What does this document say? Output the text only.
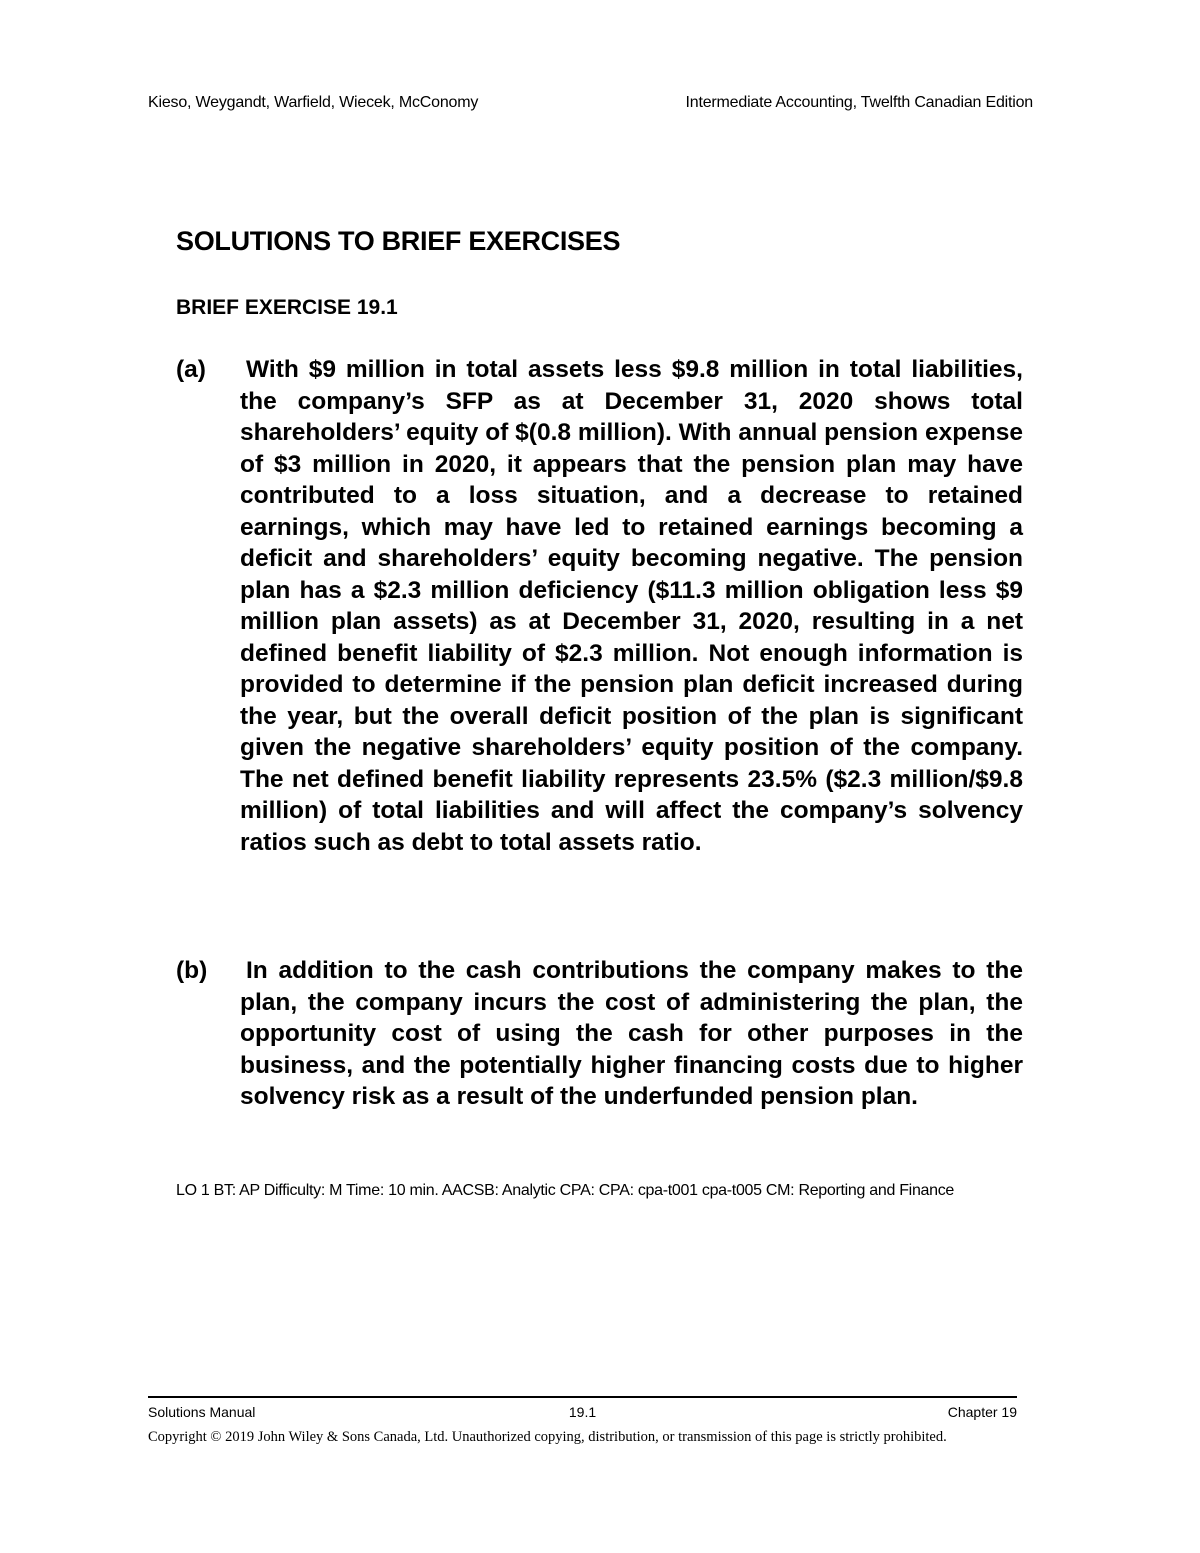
Kieso, Weygandt, Warfield, Wiecek, McConomy	Intermediate Accounting, Twelfth Canadian Edition
SOLUTIONS TO BRIEF EXERCISES
BRIEF EXERCISE 19.1
(a) With $9 million in total assets less $9.8 million in total liabilities, the company’s SFP as at December 31, 2020 shows total shareholders’ equity of $(0.8 million). With annual pension expense of $3 million in 2020, it appears that the pension plan may have contributed to a loss situation, and a decrease to retained earnings, which may have led to retained earnings becoming a deficit and shareholders’ equity becoming negative. The pension plan has a $2.3 million deficiency ($11.3 million obligation less $9 million plan assets) as at December 31, 2020, resulting in a net defined benefit liability of $2.3 million. Not enough information is provided to determine if the pension plan deficit increased during the year, but the overall deficit position of the plan is significant given the negative shareholders’ equity position of the company. The net defined benefit liability represents 23.5% ($2.3 million/$9.8 million) of total liabilities and will affect the company’s solvency ratios such as debt to total assets ratio.
(b) In addition to the cash contributions the company makes to the plan, the company incurs the cost of administering the plan, the opportunity cost of using the cash for other purposes in the business, and the potentially higher financing costs due to higher solvency risk as a result of the underfunded pension plan.
LO 1 BT: AP Difficulty: M Time: 10 min. AACSB: Analytic CPA: CPA: cpa-t001 cpa-t005 CM: Reporting and Finance
Solutions Manual	19.1	Chapter 19
Copyright © 2019 John Wiley & Sons Canada, Ltd. Unauthorized copying, distribution, or transmission of this page is strictly prohibited.
